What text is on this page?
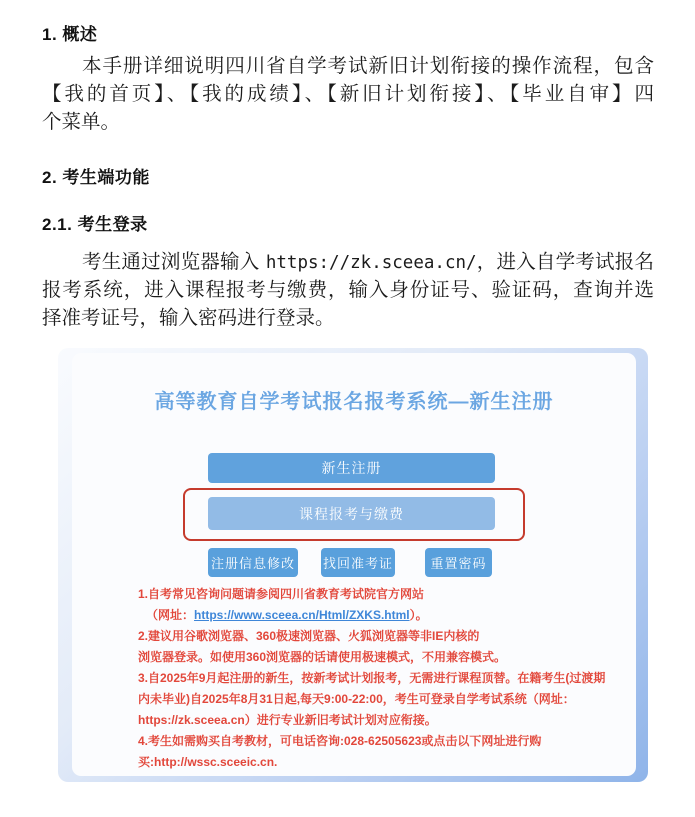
1. 概述
本手册详细说明四川省自学考试新旧计划衔接的操作流程，包含
【我的首页】、【我的成绩】、【新旧计划衔接】、【毕业自审】四
个菜单。
2. 考生端功能
2.1. 考生登录
考生通过浏览器输入 https://zk.sceea.cn/，进入自学考试报名
报考系统，进入课程报考与缴费，输入身份证号、验证码，查询并选
择准考证号，输入密码进行登录。
高等教育自学考试报名报考系统—新生注册
新生注册
课程报考与缴费
注册信息修改 找回准考证	重置密码
1.自考常见咨询问题请参阅四川省教育考试院官方网站
（网址：https://www.sceea.cn/Html/ZXKS.html）。
2.建议用谷歌浏览器、360极速浏览器、火狐浏览器等非IE内核的
浏览器登录。如使用360浏览器的话请使用极速模式，不用兼容模式。
3.自2025年9月起注册的新生，按新考试计划报考，无需进行课程顶替。在籍考生(过渡期
内未毕业)自2025年8月31日起,每天9:00-22:00，考生可登录自学考试系统（网址：
https://zk.sceea.cn）进行专业新旧考试计划对应衔接。
4.考生如需购买自考教材，可电话咨询:028-62505623或点击以下网址进行购
买:http://wssc.sceeic.cn.
